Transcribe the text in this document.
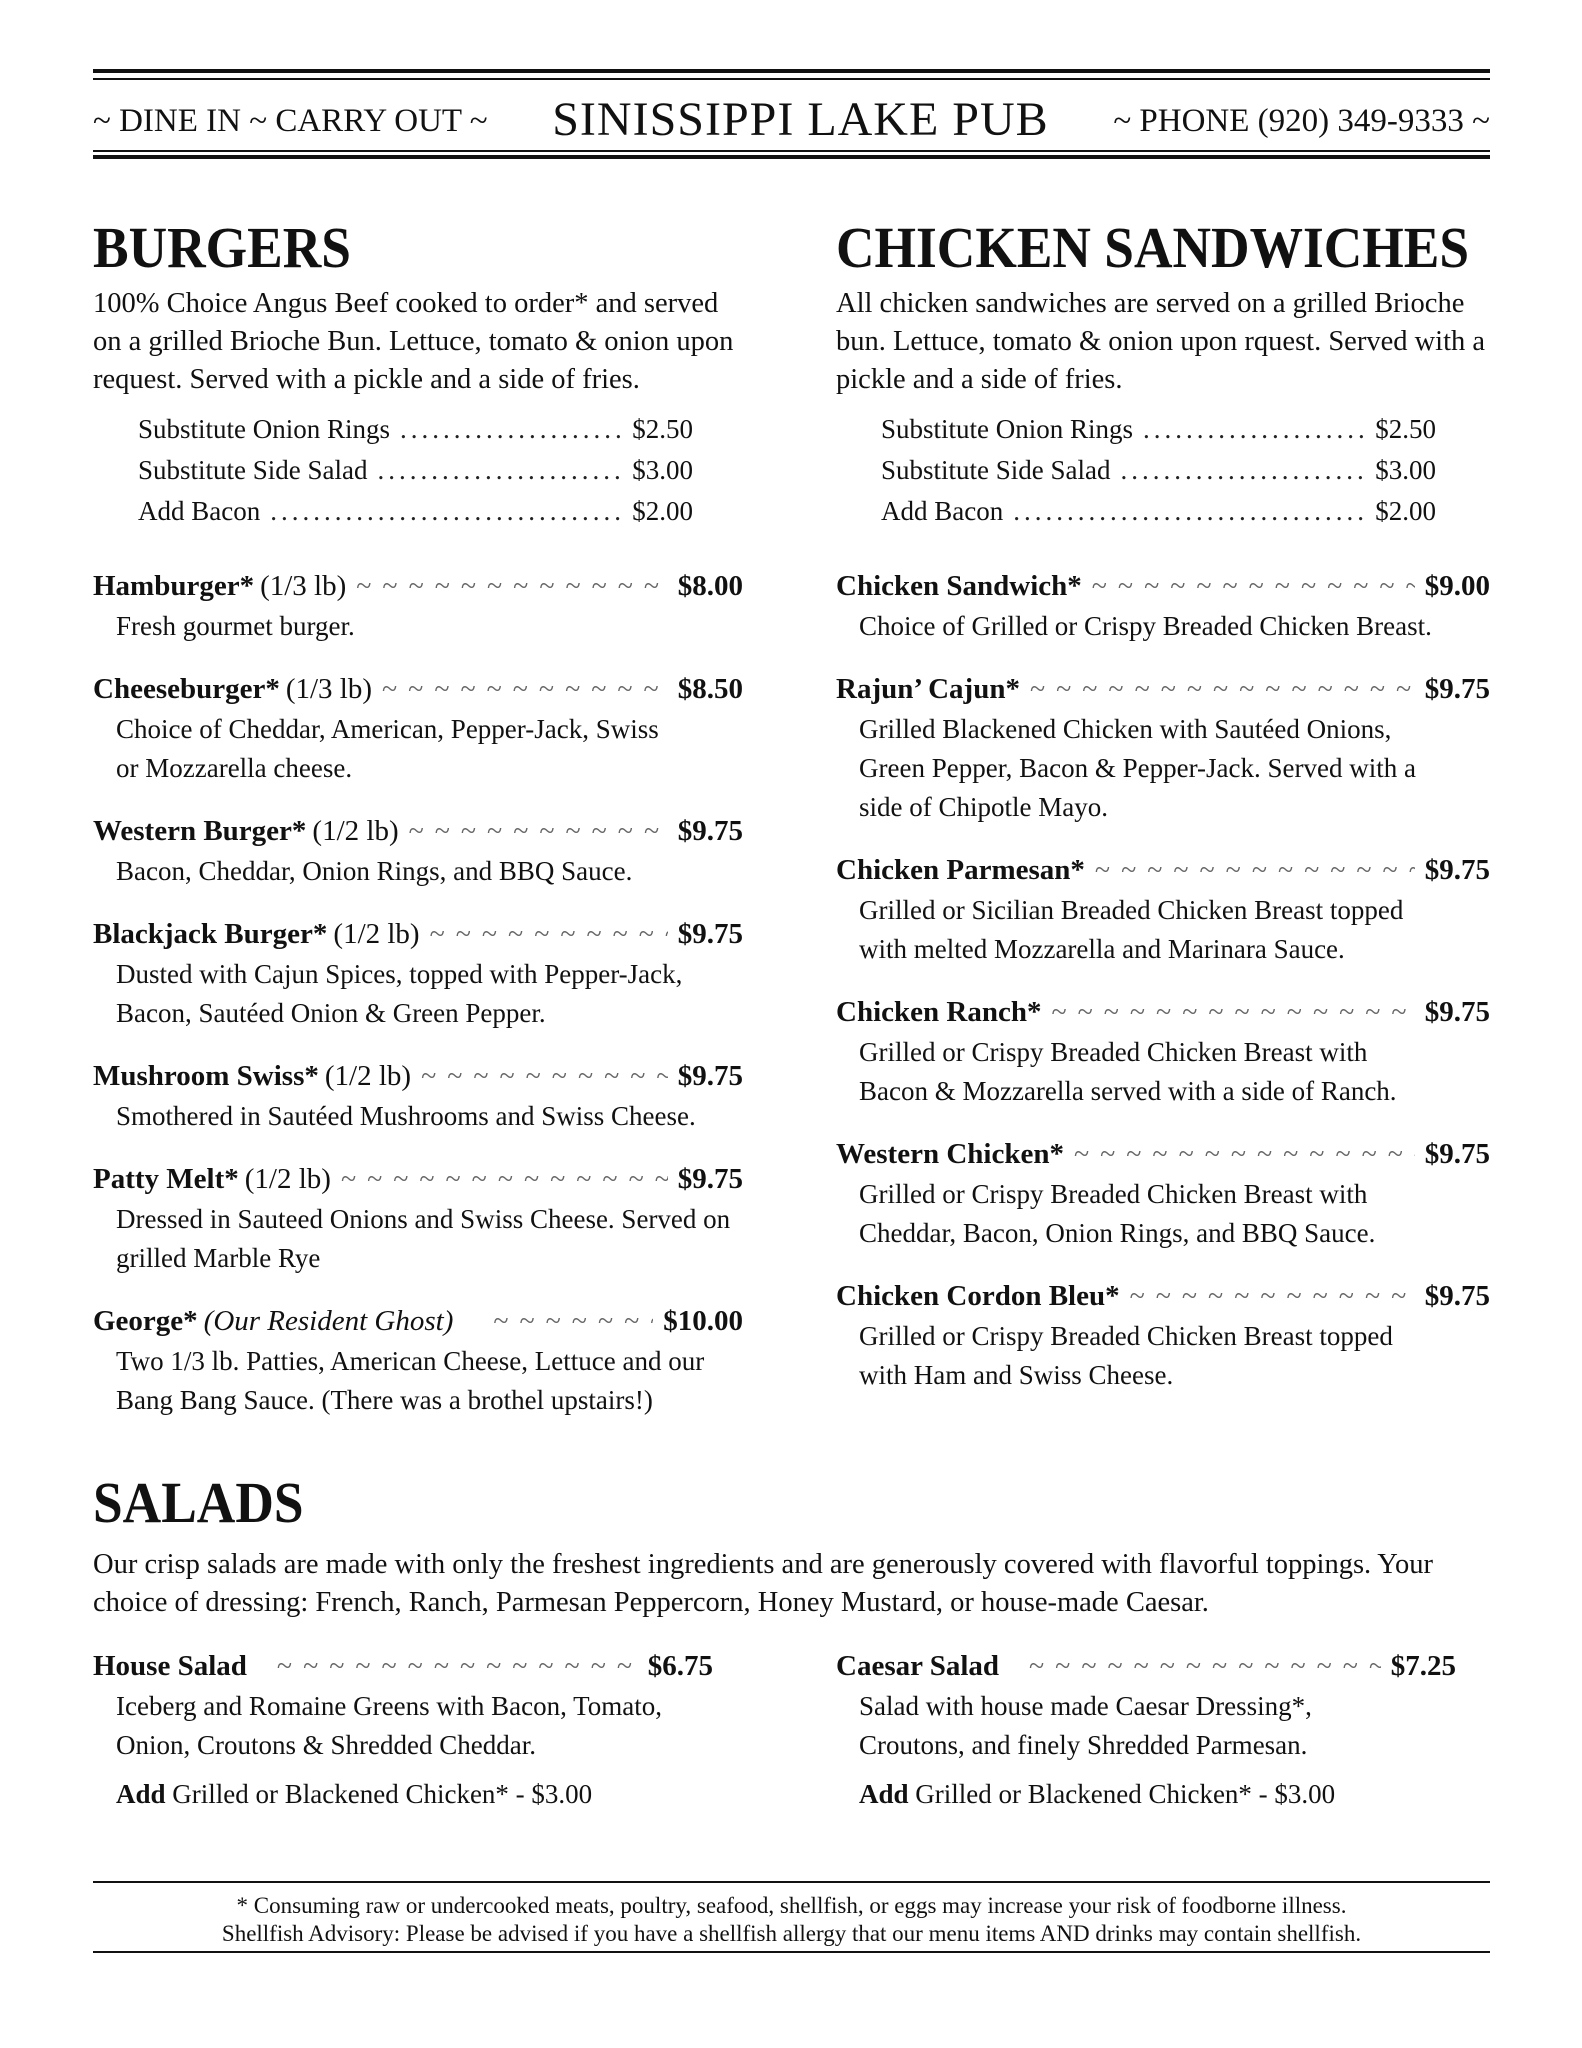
~ DINE IN ~ CARRY OUT ~ SINISSIPPI LAKE PUB ~ PHONE (920) 349-9333 ~
BURGERS

100% Choice Angus Beef cooked to order* and served on a grilled Brioche Bun. Lettuce, tomato & onion upon request. Served with a pickle and a side of fries.

Substitute Onion Rings .....	$2.50
Substitute Side Salad .....	$3.00
Add Bacon .....	$2.00
Hamburger* (1/3 lb) ~~~~~	$8.00
Fresh gourmet burger.
Cheeseburger* (1/3 lb) ~~~~~	$8.50
Choice of Cheddar, American, Pepper-Jack, Swiss or Mozzarella cheese.
Western Burger* (1/2 lb) ~~~~~	$9.75
Bacon, Cheddar, Onion Rings, and BBQ Sauce.
Blackjack Burger* (1/2 lb) ~~~~~	$9.75
Dusted with Cajun Spices, topped with Pepper-Jack, Bacon, Sautéed Onion & Green Pepper.
Mushroom Swiss* (1/2 lb) ~~~~~	$9.75
Smothered in Sautéed Mushrooms and Swiss Cheese.
Patty Melt* (1/2 lb) ~~~~~	$9.75
Dressed in Sauteed Onions and Swiss Cheese. Served on grilled Marble Rye
George* (Our Resident Ghost) ~~~~~	$10.00
Two 1/3 lb. Patties, American Cheese, Lettuce and our Bang Bang Sauce. (There was a brothel upstairs!)
CHICKEN SANDWICHES

All chicken sandwiches are served on a grilled Brioche bun. Lettuce, tomato & onion upon rquest. Served with a pickle and a side of fries.

Substitute Onion Rings .....	$2.50
Substitute Side Salad .....	$3.00
Add Bacon .....	$2.00
Chicken Sandwich* ~~~~~	$9.00
Choice of Grilled or Crispy Breaded Chicken Breast.
Rajun’ Cajun* ~~~~~	$9.75
Grilled Blackened Chicken with Sautéed Onions, Green Pepper, Bacon & Pepper-Jack. Served with a side of Chipotle Mayo.
Chicken Parmesan* ~~~~~	$9.75
Grilled or Sicilian Breaded Chicken Breast topped with melted Mozzarella and Marinara Sauce.
Chicken Ranch* ~~~~~	$9.75
Grilled or Crispy Breaded Chicken Breast with Bacon & Mozzarella served with a side of Ranch.
Western Chicken* ~~~~~	$9.75
Grilled or Crispy Breaded Chicken Breast with Cheddar, Bacon, Onion Rings, and BBQ Sauce.
Chicken Cordon Bleu* ~~~~~	$9.75
Grilled or Crispy Breaded Chicken Breast topped with Ham and Swiss Cheese.
SALADS

Our crisp salads are made with only the freshest ingredients and are generously covered with flavorful toppings. Your choice of dressing: French, Ranch, Parmesan Peppercorn, Honey Mustard, or house-made Caesar.

House Salad ~~~~~	$6.75
Iceberg and Romaine Greens with Bacon, Tomato, Onion, Croutons & Shredded Cheddar.
Add Grilled or Blackened Chicken* - $3.00
Caesar Salad ~~~~~	$7.25
Salad with house made Caesar Dressing*, Croutons, and finely Shredded Parmesan.
Add Grilled or Blackened Chicken* - $3.00
* Consuming raw or undercooked meats, poultry, seafood, shellfish, or eggs may increase your risk of foodborne illness.
Shellfish Advisory: Please be advised if you have a shellfish allergy that our menu items AND drinks may contain shellfish.
